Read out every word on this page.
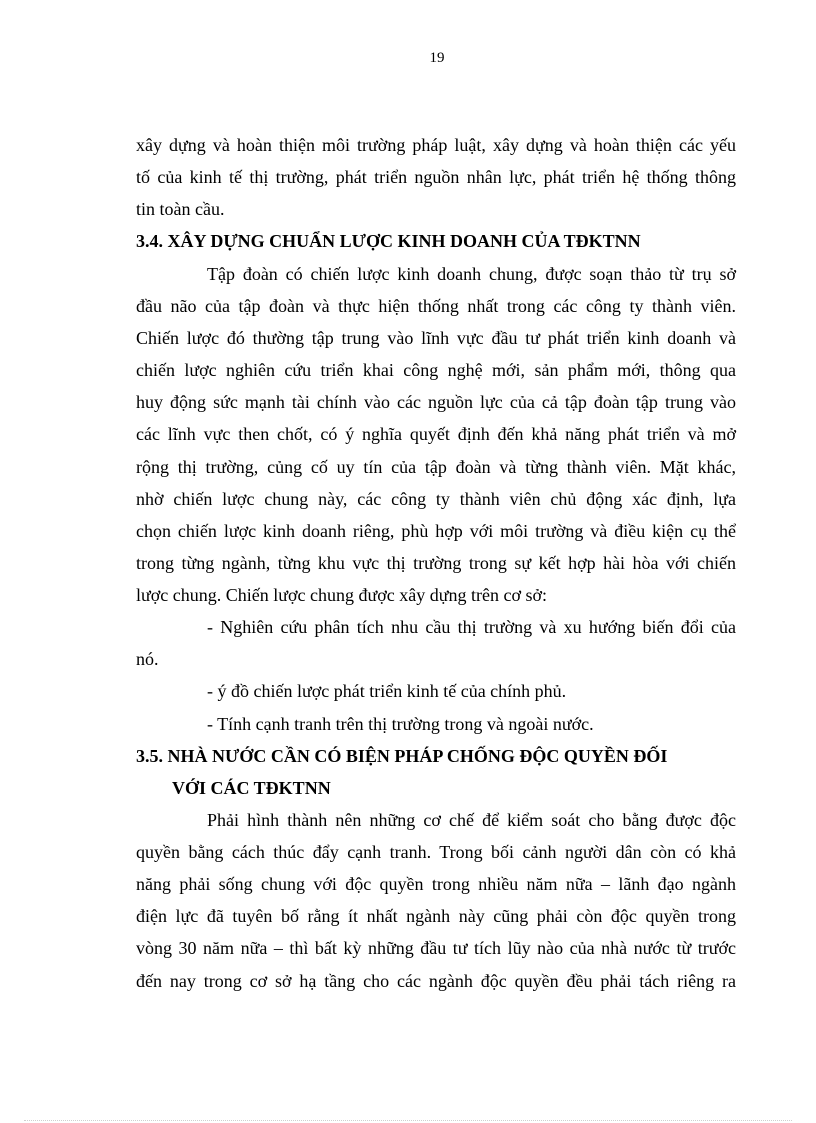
19
xây dựng và hoàn thiện môi trường pháp luật, xây dựng và hoàn thiện các yếu
tố của kinh tế thị trường, phát triển nguồn nhân lực, phát triển hệ thống thông
tin toàn cầu.
3.4. XÂY DỰNG CHUẨN LƯỢC KINH DOANH CỦA TĐKTNN
Tập đoàn có chiến lược kinh doanh chung, được soạn thảo từ trụ sở
đầu não của tập đoàn và thực hiện thống nhất trong các công ty thành viên.
Chiến lược đó thường tập trung vào lĩnh vực đầu tư phát triển kinh doanh và
chiến lược nghiên cứu triển khai công nghệ mới, sản phẩm mới, thông qua
huy động sức mạnh tài chính vào các nguồn lực của cả tập đoàn tập trung vào
các lĩnh vực then chốt, có ý nghĩa quyết định đến khả năng phát triển và mở
rộng thị trường, củng cố uy tín của tập đoàn và từng thành viên. Mặt khác,
nhờ chiến lược chung này, các công ty thành viên chủ động xác định, lựa
chọn chiến lược kinh doanh riêng, phù hợp với môi trường và điều kiện cụ thể
trong từng ngành, từng khu vực thị trường trong sự kết hợp hài hòa với chiến
lược chung. Chiến lược chung được xây dựng trên cơ sở:
- Nghiên cứu phân tích nhu cầu thị trường và xu hướng biến đổi của
nó.
- ý đồ chiến lược phát triển kinh tế của chính phủ.
- Tính cạnh tranh trên thị trường trong và ngoài nước.
3.5. NHÀ NƯỚC CẦN CÓ BIỆN PHÁP CHỐNG ĐỘC QUYỀN ĐỐI
VỚI CÁC TĐKTNN
Phải hình thành nên những cơ chế để kiểm soát cho bằng được độc
quyền bằng cách thúc đẩy cạnh tranh. Trong bối cảnh người dân còn có khả
năng phải sống chung với độc quyền trong nhiều năm nữa – lãnh đạo ngành
điện lực đã tuyên bố rằng ít nhất ngành này cũng phải còn độc quyền trong
vòng 30 năm nữa – thì bất kỳ những đầu tư tích lũy nào của nhà nước từ trước
đến nay trong cơ sở hạ tầng cho các ngành độc quyền đều phải tách riêng ra
